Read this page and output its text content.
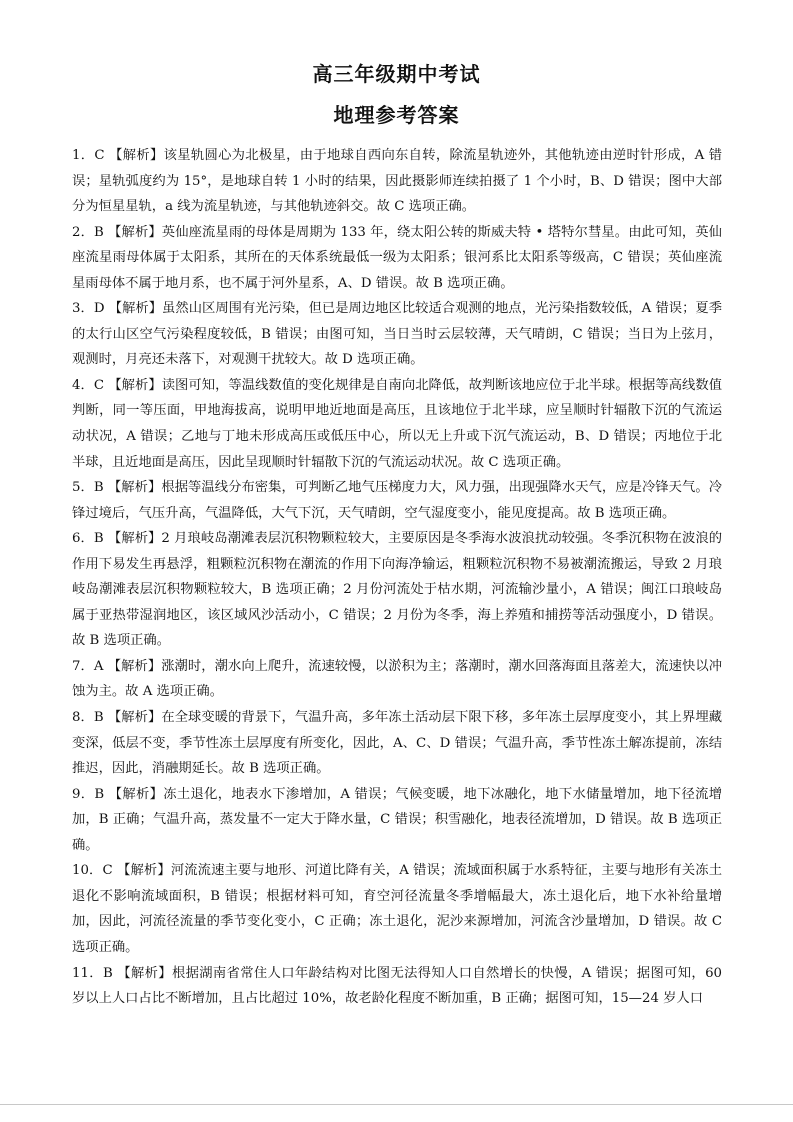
高三年级期中考试
地理参考答案

1．C 【解析】该星轨圆心为北极星，由于地球自西向东自转，除流星轨迹外，其他轨迹由逆时针形成，A 错误；星轨弧度约为 15°，是地球自转 1 小时的结果，因此摄影师连续拍摄了 1 个小时，B、D 错误；图中大部分为恒星星轨，a 线为流星轨迹，与其他轨迹斜交。故 C 选项正确。

2．B 【解析】英仙座流星雨的母体是周期为 133 年，绕太阳公转的斯威夫特 • 塔特尔彗星。由此可知，英仙座流星雨母体属于太阳系，其所在的天体系统最低一级为太阳系；银河系比太阳系等级高，C 错误；英仙座流星雨母体不属于地月系，也不属于河外星系，A、D 错误。故 B 选项正确。

3．D 【解析】虽然山区周围有光污染，但已是周边地区比较适合观测的地点，光污染指数较低，A 错误；夏季的太行山区空气污染程度较低，B 错误；由图可知，当日当时云层较薄，天气晴朗，C 错误；当日为上弦月，观测时，月亮还未落下，对观测干扰较大。故 D 选项正确。

4．C 【解析】读图可知，等温线数值的变化规律是自南向北降低，故判断该地应位于北半球。根据等高线数值判断，同一等压面，甲地海拔高，说明甲地近地面是高压，且该地位于北半球，应呈顺时针辐散下沉的气流运动状况，A 错误；乙地与丁地未形成高压或低压中心，所以无上升或下沉气流运动，B、D 错误；丙地位于北半球，且近地面是高压，因此呈现顺时针辐散下沉的气流运动状况。故 C 选项正确。

5．B 【解析】根据等温线分布密集，可判断乙地气压梯度力大，风力强，出现强降水天气，应是冷锋天气。冷锋过境后，气压升高，气温降低，大气下沉，天气晴朗，空气湿度变小，能见度提高。故 B 选项正确。

6．B 【解析】2 月琅岐岛潮滩表层沉积物颗粒较大，主要原因是冬季海水波浪扰动较强。冬季沉积物在波浪的作用下易发生再悬浮，粗颗粒沉积物在潮流的作用下向海净输运，粗颗粒沉积物不易被潮流搬运，导致 2 月琅岐岛潮滩表层沉积物颗粒较大，B 选项正确；2 月份河流处于枯水期，河流输沙量小，A 错误；闽江口琅岐岛属于亚热带湿润地区，该区域风沙活动小，C 错误；2 月份为冬季，海上养殖和捕捞等活动强度小，D 错误。故 B 选项正确。

7．A 【解析】涨潮时，潮水向上爬升，流速较慢，以淤积为主；落潮时，潮水回落海面且落差大，流速快以冲蚀为主。故 A 选项正确。

8．B 【解析】在全球变暖的背景下，气温升高，多年冻土活动层下限下移，多年冻土层厚度变小，其上界埋藏变深，低层不变，季节性冻土层厚度有所变化，因此，A、C、D 错误；气温升高，季节性冻土解冻提前，冻结推迟，因此，消融期延长。故 B 选项正确。

9．B 【解析】冻土退化，地表水下渗增加，A 错误；气候变暖，地下冰融化，地下水储量增加，地下径流增加，B 正确；气温升高，蒸发量不一定大于降水量，C 错误；积雪融化，地表径流增加，D 错误。故 B 选项正确。

10．C 【解析】河流流速主要与地形、河道比降有关，A 错误；流域面积属于水系特征，主要与地形有关冻土退化不影响流域面积，B 错误；根据材料可知，育空河径流量冬季增幅最大，冻土退化后，地下水补给量增加，因此，河流径流量的季节变化变小，C 正确；冻土退化，泥沙来源增加，河流含沙量增加，D 错误。故 C 选项正确。

11．B 【解析】根据湖南省常住人口年龄结构对比图无法得知人口自然增长的快慢，A 错误；据图可知，60 岁以上人口占比不断增加，且占比超过 10%，故老龄化程度不断加重，B 正确；据图可知，15—24 岁人口
